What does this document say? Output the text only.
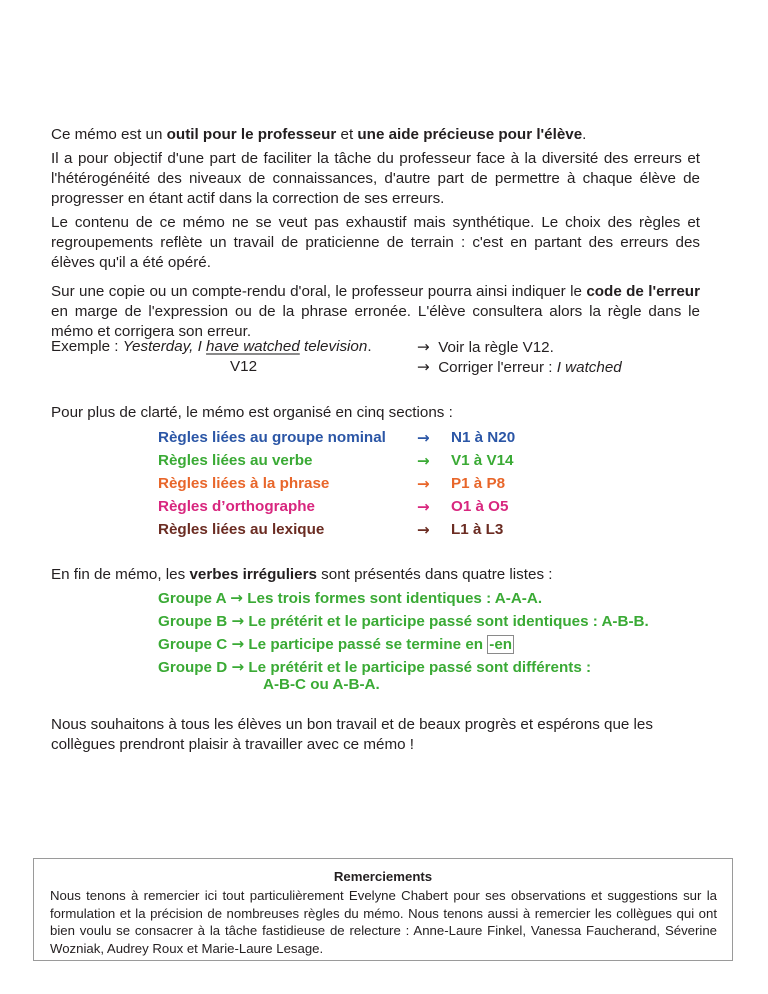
Ce mémo est un outil pour le professeur et une aide précieuse pour l'élève.

Il a pour objectif d'une part de faciliter la tâche du professeur face à la diversité des erreurs et l'hétérogénéité des niveaux de connaissances, d'autre part de permettre à chaque élève de progresser en étant actif dans la correction de ses erreurs.

Le contenu de ce mémo ne se veut pas exhaustif mais synthétique. Le choix des règles et regroupements reflète un travail de praticienne de terrain : c'est en partant des erreurs des élèves qu'il a été opéré.

Sur une copie ou un compte-rendu d'oral, le professeur pourra ainsi indiquer le code de l'erreur en marge de l'expression ou de la phrase erronée. L'élève consultera alors la règle dans le mémo et corrigera son erreur.

Exemple : Yesterday, I have watched television.
V12
→ Voir la règle V12.
→ Corriger l'erreur : I watched
Pour plus de clarté, le mémo est organisé en cinq sections :
Règles liées au groupe nominal → N1 à N20
Règles liées au verbe	→ V1 à V14
Règles liées à la phrase	→ P1 à P8
Règles d’orthographe	→ O1 à O5
Règles liées au lexique	→ L1 à L3
En fin de mémo, les verbes irréguliers sont présentés dans quatre listes :
Groupe A → Les trois formes sont identiques : A-A-A.
Groupe B → Le prétérit et le participe passé sont identiques : A-B-B.
Groupe C → Le participe passé se termine en -en
Groupe D → Le prétérit et le participe passé sont différents :
A-B-C ou A-B-A.

Nous souhaitons à tous les élèves un bon travail et de beaux progrès et espérons que les collègues prendront plaisir à travailler avec ce mémo !

Remerciements
Nous tenons à remercier ici tout particulièrement Evelyne Chabert pour ses observations et suggestions sur la formulation et la précision de nombreuses règles du mémo. Nous tenons aussi à remercier les collègues qui ont bien voulu se consacrer à la tâche fastidieuse de relecture : Anne-Laure Finkel, Vanessa Faucherand, Séverine Wozniak, Audrey Roux et Marie-Laure Lesage.
